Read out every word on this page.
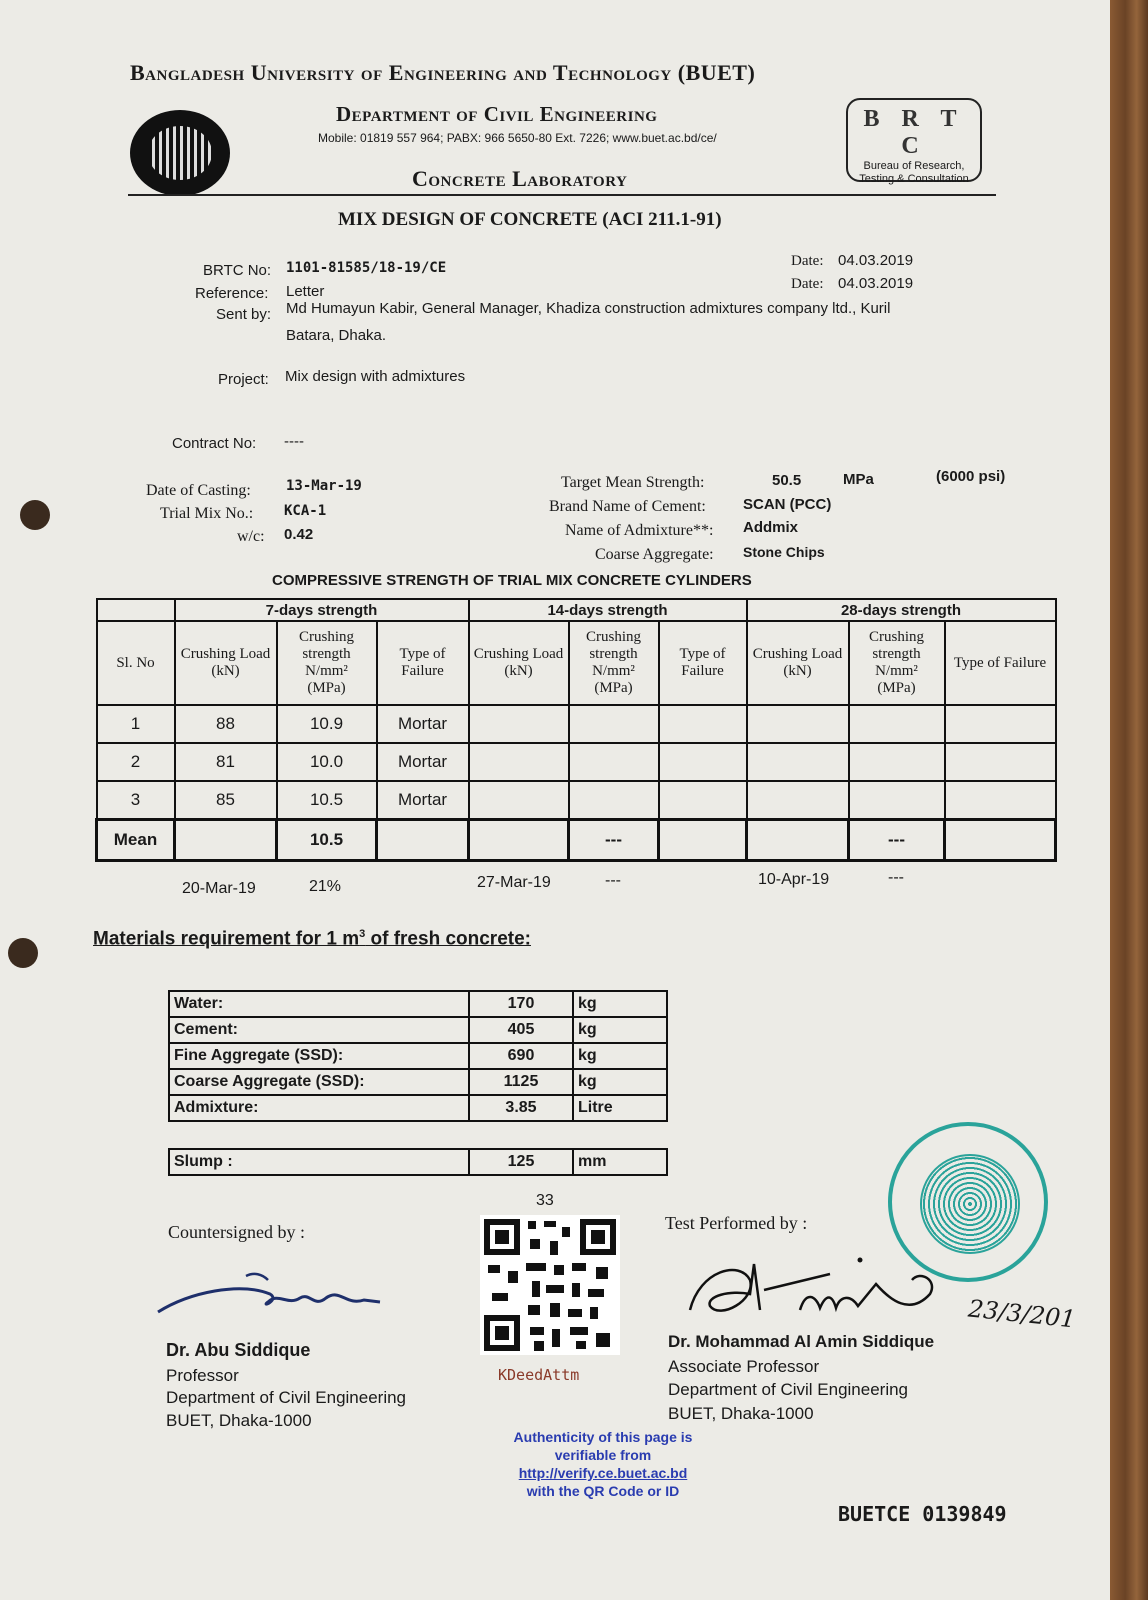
Bangladesh University of Engineering and Technology (BUET)
Department of Civil Engineering
Mobile: 01819 557 964; PABX: 966 5650-80 Ext. 7226; www.buet.ac.bd/ce/
Concrete Laboratory
B R T C
Bureau of Research, Testing & Consultation
MIX DESIGN OF CONCRETE (ACI 211.1-91)
BRTC No: 1101-81585/18-19/CE	Date: 04.03.2019
Date: 04.03.2019
Reference: Letter
Sent by: Md Humayun Kabir, General Manager, Khadiza construction admixtures company ltd., Kuril
Batara, Dhaka.
Project: Mix design with admixtures
Contract No: ----
Date of Casting:	13-Mar-19
Trial Mix No.: KCA-1
w/c: 0.42
Target Mean Strength:	50.5	MPa	(6000 psi)
Brand Name of Cement: SCAN (PCC)
Name of Admixture**: Addmix
Coarse Aggregate: Stone Chips
COMPRESSIVE STRENGTH OF TRIAL MIX CONCRETE CYLINDERS
	7-days strength			14-days strength			28-days strength		
Sl. No	Crushing Load (kN)	Crushing strength
N/mm²
(MPa)	Type of Failure	Crushing Load (kN)	Crushing strength
N/mm²
(MPa)	Type of Failure	Crushing Load (kN)	Crushing strength
N/mm²
(MPa)	Type of Failure
1	88	10.9	Mortar						
2	81	10.0	Mortar						
3	85	10.5	Mortar						
Mean		10.5			---			---	
20-Mar-19	21%	27-Mar-19	---	10-Apr-19	---
Materials requirement for 1 $m^3$ of fresh concrete:
Water:	170	kg
Cement:	405	kg
Fine Aggregate (SSD):	690	kg
Coarse Aggregate (SSD):	1125	kg
Admixture:	3.85	Litre
Slump :	125	mm
33
Countersigned by :
Dr. Abu Siddique
Professor
Department of Civil Engineering
BUET, Dhaka-1000
KDeedAttm
Authenticity of this page is
verifiable from
http://verify.ce.buet.ac.bd
with the QR Code or ID
Test Performed by :
23/3/201
Dr. Mohammad Al Amin Siddique
Associate Professor
Department of Civil Engineering
BUET, Dhaka-1000
BUETCE 0139849
